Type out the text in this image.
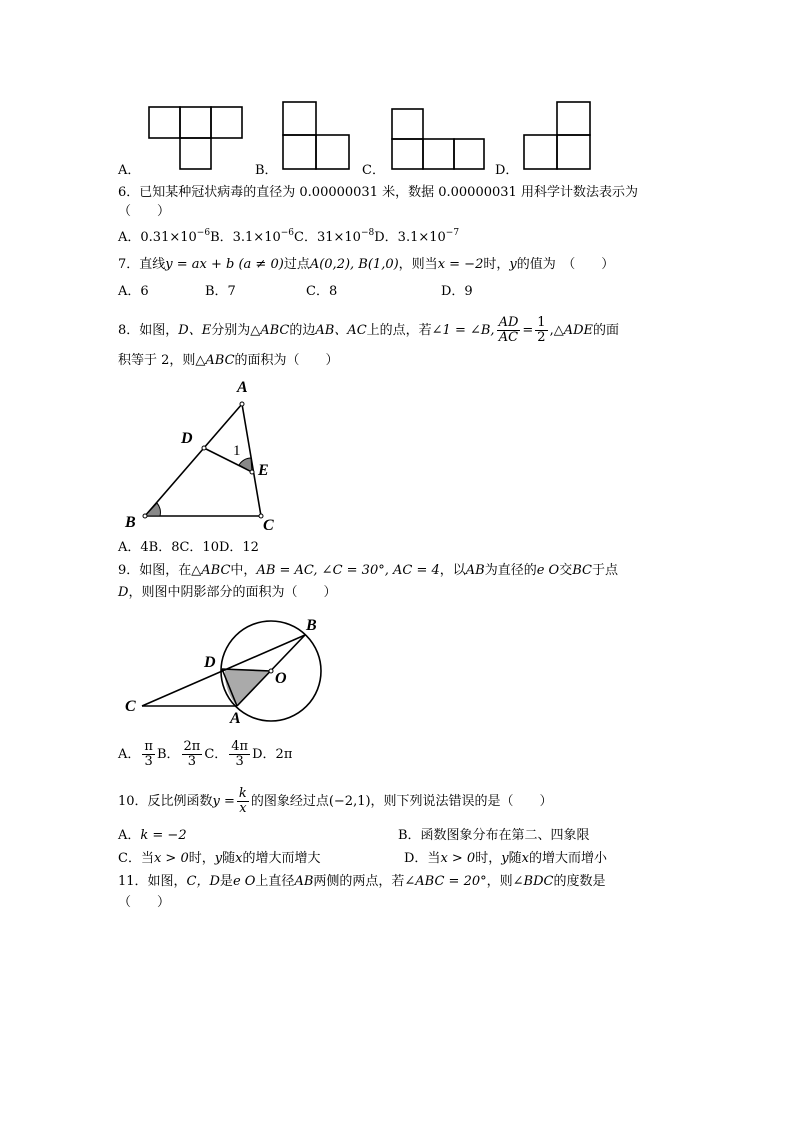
A．	B．	C．	D．
6．已知某种冠状病毒的直径为 0.00000031 米，数据 0.00000031 用科学计数法表示为
（　　）
A．$0.31\times 10^{-6}B$．$3.1\times 10^{-6}C$．$31\times 10^{-8}D$．$3.1\times 10^{-7}$
7．直线y = ax + b (a ≠ 0)过点A(0,2), B(1,0)，则当x = −2时，y的值为　（　　）
A．6	B．7	C．8	D．9
8．如图，D、E分别为△ABC的边AB、AC上的点，若∠1 = ∠B, $\frac{AD}{AC} = \frac{1}{2}$ ,△ADE的面
积等于 2，则△ABC的面积为（　　）
A
B	C
D
E
1
A．4B．8C．10D．12
9．如图，在△ABC中，AB = AC, ∠C = 30°, AC = 4，以AB为直径的e O交BC于点
D，则图中阴影部分的面积为（　　）
B
D
O
C
A
A． $\frac{\pi}{3}$ B． $\frac{2\pi}{3}$ C． $\frac{4\pi}{3}$ D．2π
10．反比例函数$y = \frac{k}{x}$ 的图象经过点(−2,1)，则下列说法错误的是（　　）
A．k = −2	B．函数图象分布在第二、四象限
C．当x > 0时，y随x的增大而增大	D．当x > 0时，y随x的增大而增小
11．如图，C，D是e O上直径AB两侧的两点，若∠ABC = 20°，则∠BDC的度数是
（　　）
